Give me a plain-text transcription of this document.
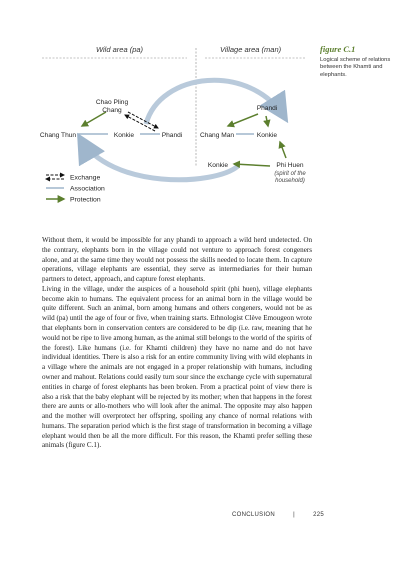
Wild area (pa)	Village area (man)
Chao Pling
Chang
Chang Thun	Konkie	Phandi	Chang Man
Phandi
Konkie
Konkie	Phi Huen
(spirit of the
household)
Exchange
Association
Protection
figure C.1
Logical scheme of relations between the Khamti and elephants.

Without them, it would be impossible for any phandi to approach a wild herd undetected. On the contrary, elephants born in the village could not venture to approach forest congeners alone, and at the same time they would not possess the skills needed to locate them. In capture operations, village elephants are essential, they serve as intermediaries for their human partners to detect, approach, and capture forest elephants.

Living in the village, under the auspices of a household spirit (phi huen), village elephants become akin to humans. The equivalent process for an animal born in the village would be quite different. Such an animal, born among humans and others congeners, would not be as wild (pa) until the age of four or five, when training starts. Ethnologist Clève Emougeon wrote that elephants born in conservation centers are considered to be dip (i.e. raw, meaning that he would not be ripe to live among human, as the animal still belongs to the world of the spirits of the forest). Like humans (i.e. for Khamti children) they have no name and do not have individual identities. There is also a risk for an entire community living with wild elephants in a village where the animals are not engaged in a proper relationship with humans, including owner and mahout. Relations could easily turn sour since the exchange cycle with supernatural entities in charge of forest elephants has been broken. From a practical point of view there is also a risk that the baby elephant will be rejected by its mother; when that happens in the forest there are aunts or allo-mothers who will look after the animal. The opposite may also happen and the mother will overprotect her offspring, spoiling any chance of normal relations with humans. The separation period which is the first stage of transformation in becoming a village elephant would then be all the more difficult. For this reason, the Khamti prefer selling these animals (figure C.1).

CONCLUSION	|	225
